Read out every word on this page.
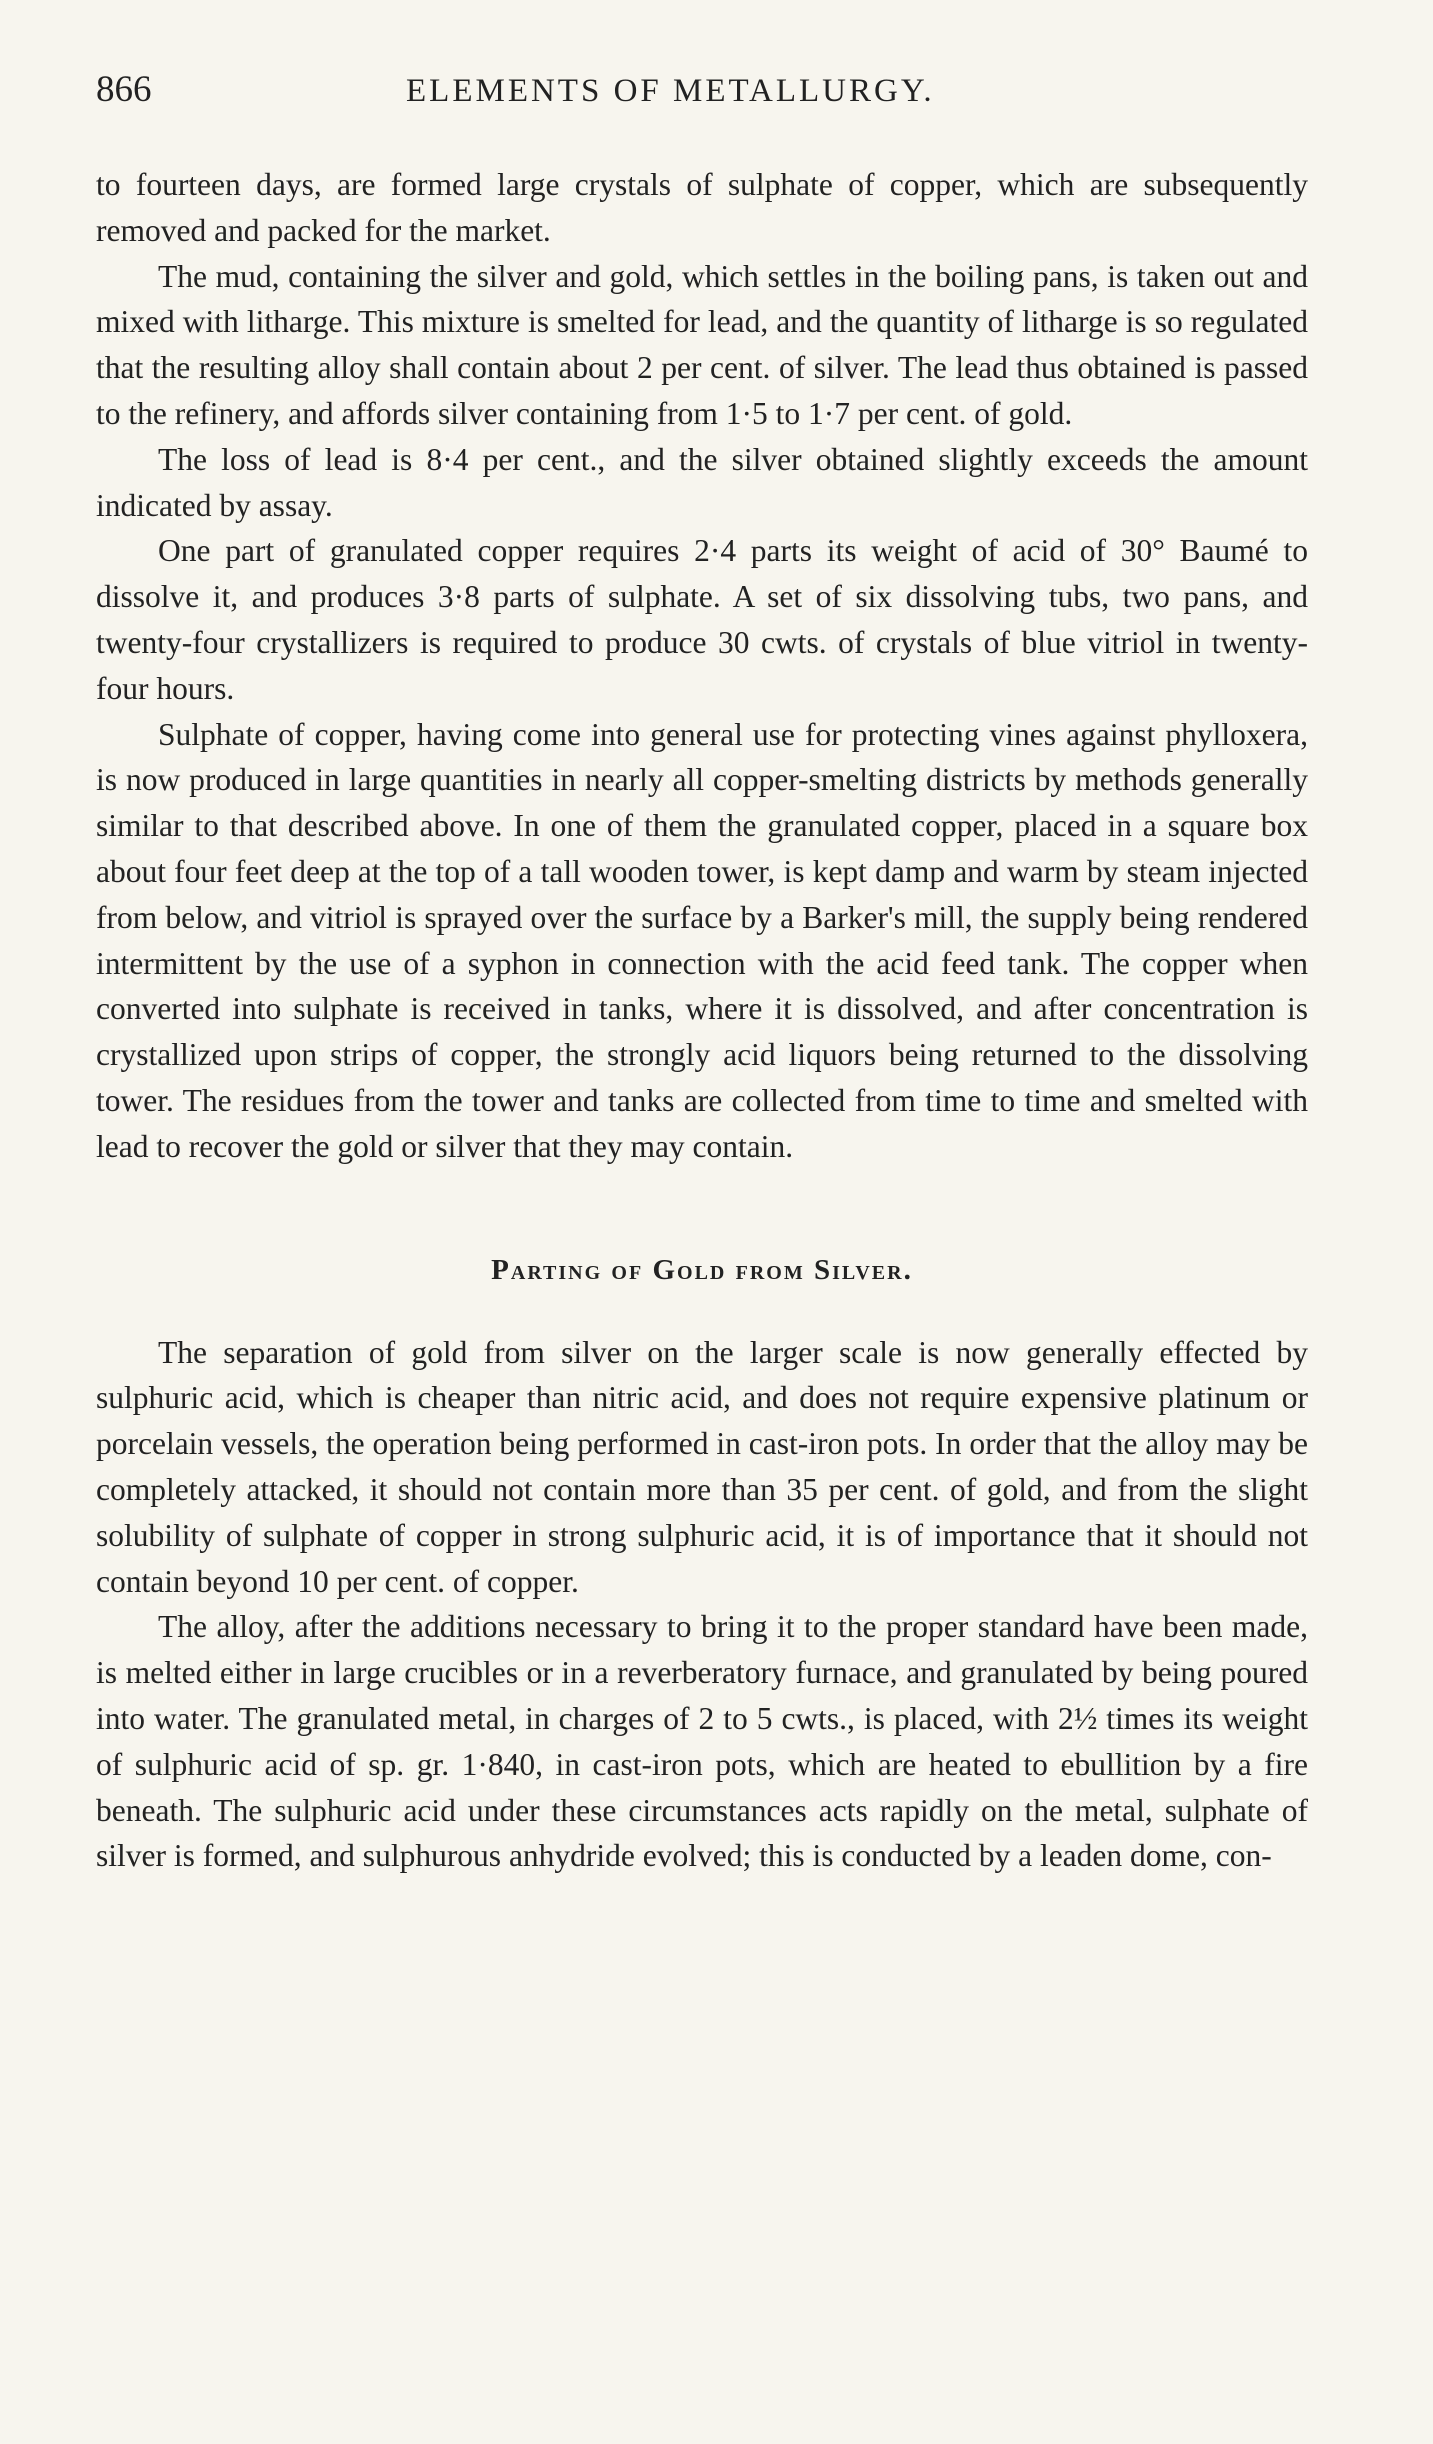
866	ELEMENTS OF METALLURGY.

to fourteen days, are formed large crystals of sulphate of copper, which are subsequently removed and packed for the market.

The mud, containing the silver and gold, which settles in the boiling pans, is taken out and mixed with litharge. This mixture is smelted for lead, and the quantity of litharge is so regulated that the resulting alloy shall contain about 2 per cent. of silver. The lead thus obtained is passed to the refinery, and affords silver containing from 1·5 to 1·7 per cent. of gold.

The loss of lead is 8·4 per cent., and the silver obtained slightly exceeds the amount indicated by assay.

One part of granulated copper requires 2·4 parts its weight of acid of 30° Baumé to dissolve it, and produces 3·8 parts of sulphate. A set of six dissolving tubs, two pans, and twenty-four crystallizers is required to produce 30 cwts. of crystals of blue vitriol in twenty-four hours.

Sulphate of copper, having come into general use for protecting vines against phylloxera, is now produced in large quantities in nearly all copper-smelting districts by methods generally similar to that described above. In one of them the granulated copper, placed in a square box about four feet deep at the top of a tall wooden tower, is kept damp and warm by steam injected from below, and vitriol is sprayed over the surface by a Barker's mill, the supply being rendered intermittent by the use of a syphon in connection with the acid feed tank. The copper when converted into sulphate is received in tanks, where it is dissolved, and after concentration is crystallized upon strips of copper, the strongly acid liquors being returned to the dissolving tower. The residues from the tower and tanks are collected from time to time and smelted with lead to recover the gold or silver that they may contain.

Parting of Gold from Silver.

The separation of gold from silver on the larger scale is now generally effected by sulphuric acid, which is cheaper than nitric acid, and does not require expensive platinum or porcelain vessels, the operation being performed in cast-iron pots. In order that the alloy may be completely attacked, it should not contain more than 35 per cent. of gold, and from the slight solubility of sulphate of copper in strong sulphuric acid, it is of importance that it should not contain beyond 10 per cent. of copper.

The alloy, after the additions necessary to bring it to the proper standard have been made, is melted either in large crucibles or in a reverberatory furnace, and granulated by being poured into water. The granulated metal, in charges of 2 to 5 cwts., is placed, with 2½ times its weight of sulphuric acid of sp. gr. 1·840, in cast-iron pots, which are heated to ebullition by a fire beneath. The sulphuric acid under these circumstances acts rapidly on the metal, sulphate of silver is formed, and sulphurous anhydride evolved; this is conducted by a leaden dome, con-
